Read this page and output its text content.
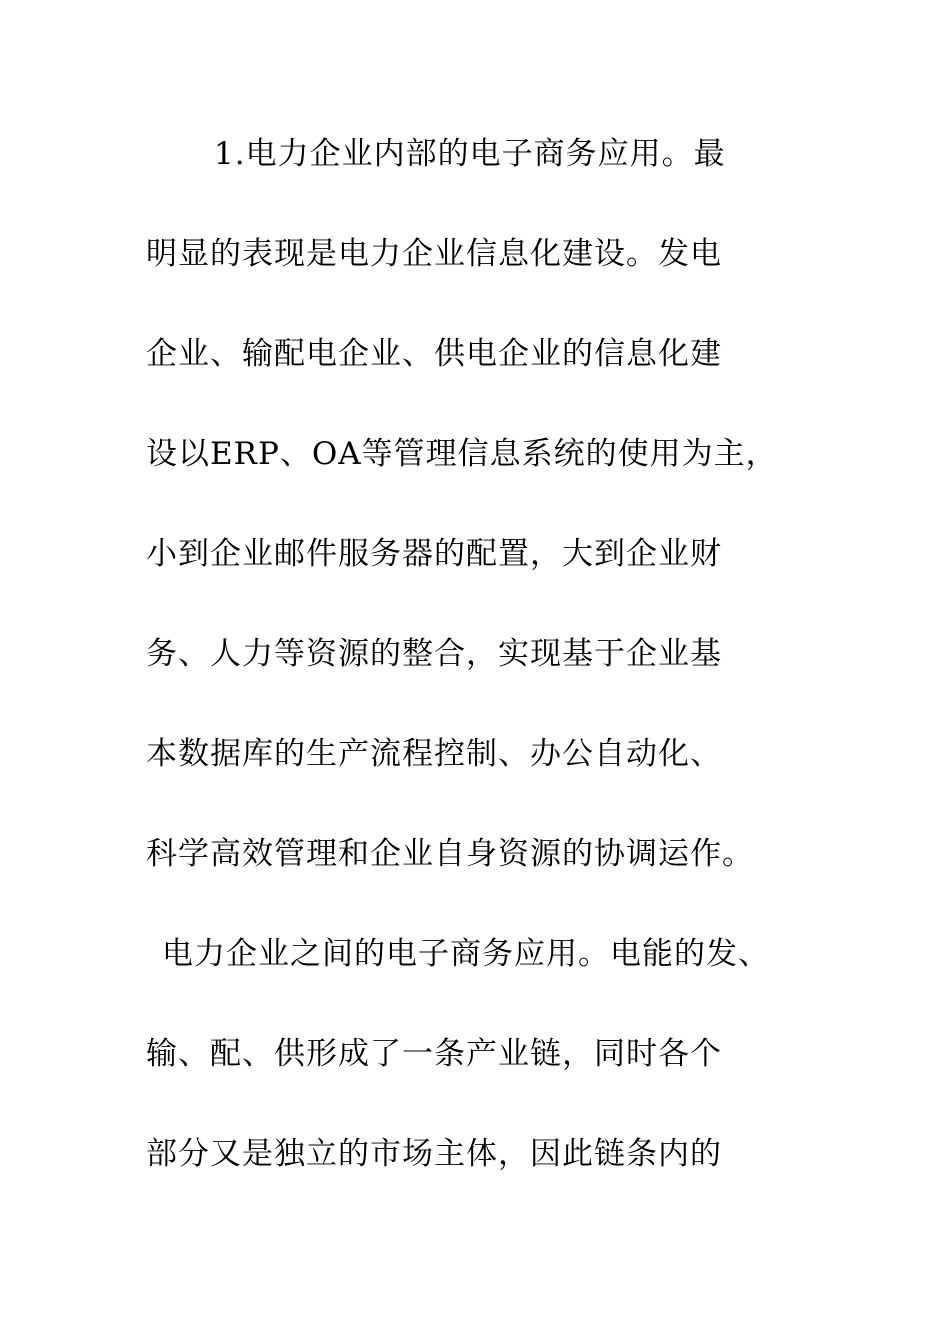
1.电力企业内部的电子商务应用。最

明显的表现是电力企业信息化建设。发电

企业、输配电企业、供电企业的信息化建

设以ERP、OA等管理信息系统的使用为主，

小到企业邮件服务器的配置，大到企业财

务、人力等资源的整合，实现基于企业基

本数据库的生产流程控制、办公自动化、

科学高效管理和企业自身资源的协调运作。

电力企业之间的电子商务应用。电能的发、

输、配、供形成了一条产业链，同时各个

部分又是独立的市场主体，因此链条内的
